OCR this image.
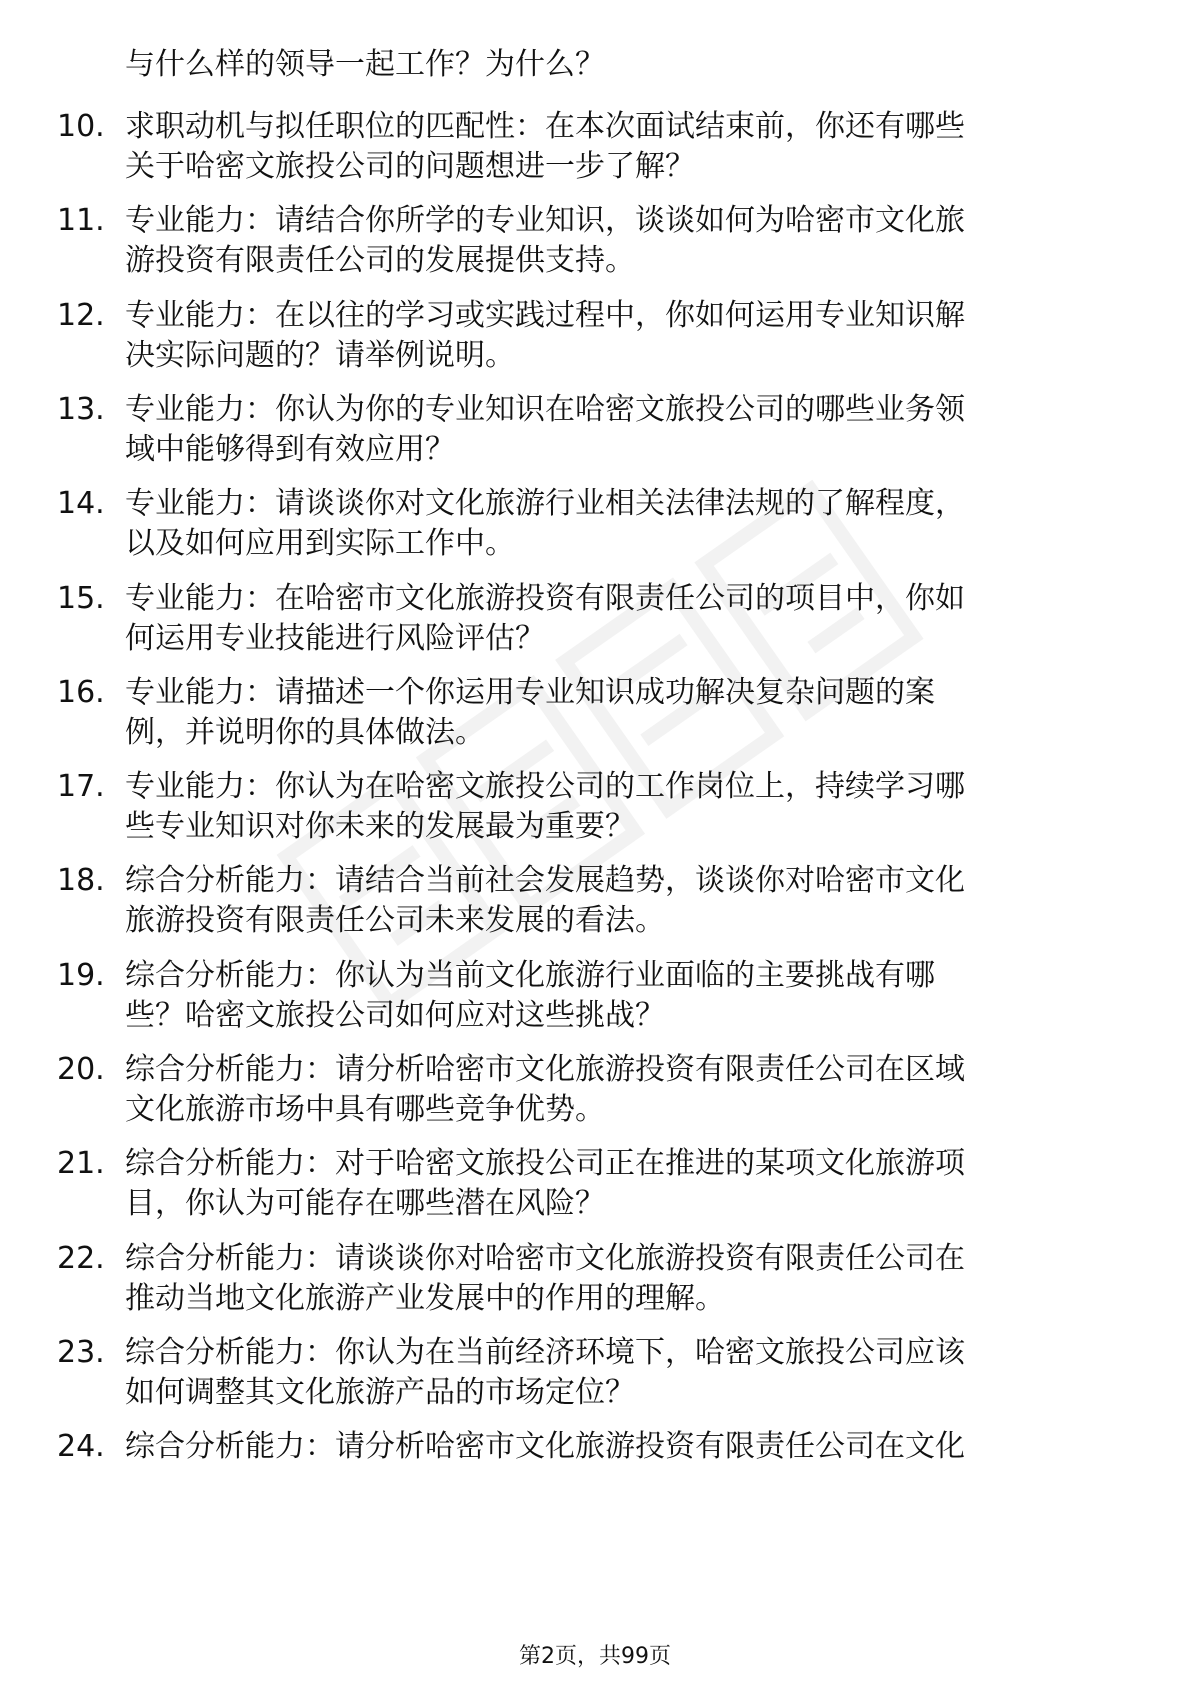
与什么样的领导一起工作？为什么？
10. 求职动机与拟任职位的匹配性：在本次面试结束前，你还有哪些
关于哈密文旅投公司的问题想进一步了解？
11. 专业能力：请结合你所学的专业知识，谈谈如何为哈密市文化旅
游投资有限责任公司的发展提供支持。
12. 专业能力：在以往的学习或实践过程中，你如何运用专业知识解
决实际问题的？请举例说明。
13. 专业能力：你认为你的专业知识在哈密文旅投公司的哪些业务领
域中能够得到有效应用？
14. 专业能力：请谈谈你对文化旅游行业相关法律法规的了解程度，
以及如何应用到实际工作中。
15. 专业能力：在哈密市文化旅游投资有限责任公司的项目中，你如
何运用专业技能进行风险评估？
16. 专业能力：请描述一个你运用专业知识成功解决复杂问题的案
例，并说明你的具体做法。
17. 专业能力：你认为在哈密文旅投公司的工作岗位上，持续学习哪
些专业知识对你未来的发展最为重要？
18. 综合分析能力：请结合当前社会发展趋势，谈谈你对哈密市文化
旅游投资有限责任公司未来发展的看法。
19. 综合分析能力：你认为当前文化旅游行业面临的主要挑战有哪
些？哈密文旅投公司如何应对这些挑战？
20. 综合分析能力：请分析哈密市文化旅游投资有限责任公司在区域
文化旅游市场中具有哪些竞争优势。
21. 综合分析能力：对于哈密文旅投公司正在推进的某项文化旅游项
目，你认为可能存在哪些潜在风险？
22. 综合分析能力：请谈谈你对哈密市文化旅游投资有限责任公司在
推动当地文化旅游产业发展中的作用的理解。
23. 综合分析能力：你认为在当前经济环境下，哈密文旅投公司应该
如何调整其文化旅游产品的市场定位？
24. 综合分析能力：请分析哈密市文化旅游投资有限责任公司在文化
第2页，共99页
